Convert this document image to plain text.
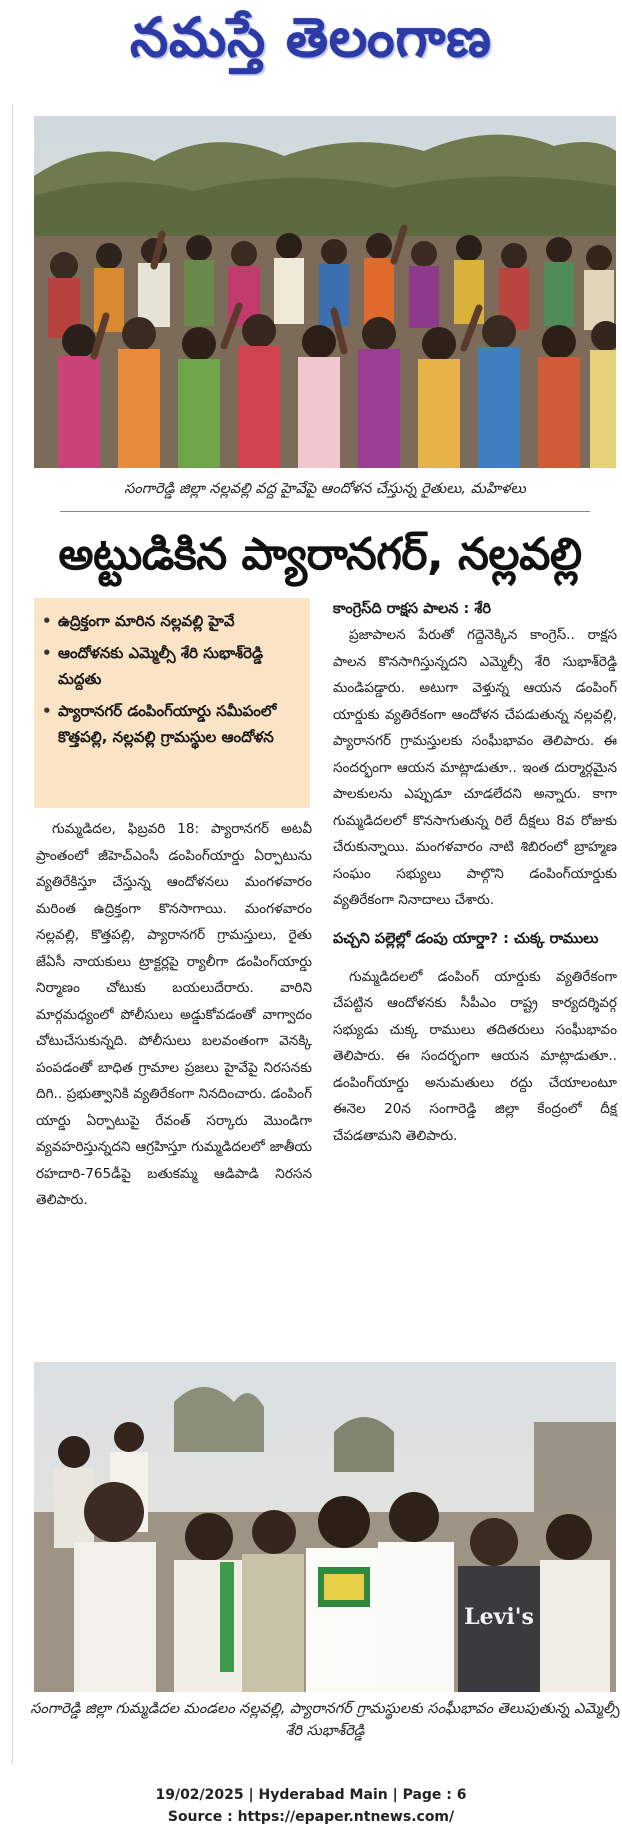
నమస్తే తెలంగాణ
సంగారెడ్డి జిల్లా నల్లవల్లి వద్ద హైవేపై ఆందోళన చేస్తున్న రైతులు, మహిళలు
అట్టుడికిన ప్యారానగర్, నల్లవల్లి
• ఉద్రిక్తంగా మారిన నల్లవల్లి హైవే
• ఆందోళనకు ఎమ్మెల్సీ శేరి సుభాశ్‌రెడ్డి మద్దతు
• ప్యారానగర్ డంపింగ్‌యార్డు సమీపంలో కొత్తపల్లి, నల్లవల్లి గ్రామస్థుల ఆందోళన

గుమ్మడిదల, ఫిబ్రవరి 18: ప్యారానగర్ అటవీ ప్రాంతంలో జీహెచ్‌ఎంసీ డంపింగ్‌యార్డు ఏర్పాటును వ్యతిరేకిస్తూ చేస్తున్న ఆందోళనలు మంగళవారం మరింత ఉద్రిక్తంగా కొనసాగాయి. మంగళవారం నల్లవల్లి, కొత్తపల్లి, ప్యారానగర్ గ్రామస్తులు, రైతు జేఏసీ నాయకులు ట్రాక్టర్లపై ర్యాలీగా డంపింగ్‌యార్డు నిర్మాణం చోటుకు బయలుదేరారు. వారిని మార్గమధ్యంలో పోలీసులు అడ్డుకోవడంతో వాగ్వాదం చోటుచేసుకున్నది. పోలీసులు బలవంతంగా వెనక్కి పంపడంతో బాధిత గ్రామాల ప్రజలు హైవేపై నిరసనకు దిగి.. ప్రభుత్వానికి వ్యతిరేకంగా నినదించారు. డంపింగ్ యార్డు ఏర్పాటుపై రేవంత్ సర్కారు మొండిగా వ్యవహరిస్తున్నదని ఆగ్రహిస్తూ గుమ్మడిదలలో జాతీయ రహదారి-765డీపై బతుకమ్మ ఆడిపాడి నిరసన తెలిపారు.

కాంగ్రెస్‌ది రాక్షస పాలన : శేరి

ప్రజాపాలన పేరుతో గద్దెనెక్కిన కాంగ్రెస్.. రాక్షస పాలన కొనసాగిస్తున్నదని ఎమ్మెల్సీ శేరి సుభాశ్‌రెడ్డి మండిపడ్డారు. అటుగా వెళ్తున్న ఆయన డంపింగ్ యార్డుకు వ్యతిరేకంగా ఆందోళన చేపడుతున్న నల్లవల్లి, ప్యారానగర్ గ్రామస్తులకు సంఘీభావం తెలిపారు. ఈ సందర్భంగా ఆయన మాట్లాడుతూ.. ఇంత దుర్మార్గమైన పాలకులను ఎప్పుడూ చూడలేదని అన్నారు. కాగా గుమ్మడిదలలో కొనసాగుతున్న రిలే దీక్షలు 8వ రోజుకు చేరుకున్నాయి. మంగళవారం నాటి శిబిరంలో బ్రాహ్మణ సంఘం సభ్యులు పాల్గొని డంపింగ్‌యార్డుకు వ్యతిరేకంగా నినాదాలు చేశారు.

పచ్చని పల్లెల్లో డంపు యార్డా? : చుక్క రాములు

గుమ్మడిదలలో డంపింగ్ యార్డుకు వ్యతిరేకంగా చేపట్టిన ఆందోళనకు సీపీఎం రాష్ట్ర కార్యదర్శివర్గ సభ్యుడు చుక్క రాములు తదితరులు సంఘీభావం తెలిపారు. ఈ సందర్భంగా ఆయన మాట్లాడుతూ.. డంపింగ్‌యార్డు అనుమతులు రద్దు చేయాలంటూ ఈనెల 20న సంగారెడ్డి జిల్లా కేంద్రంలో దీక్ష చేపడతామని తెలిపారు.

Levi's
సంగారెడ్డి జిల్లా గుమ్మడిదల మండలం నల్లవల్లి, ప్యారానగర్ గ్రామస్థులకు సంఘీభావం తెలుపుతున్న ఎమ్మెల్సీ శేరి సుభాశ్‌రెడ్డి
19/02/2025 | Hyderabad Main | Page : 6
Source : https://epaper.ntnews.com/
